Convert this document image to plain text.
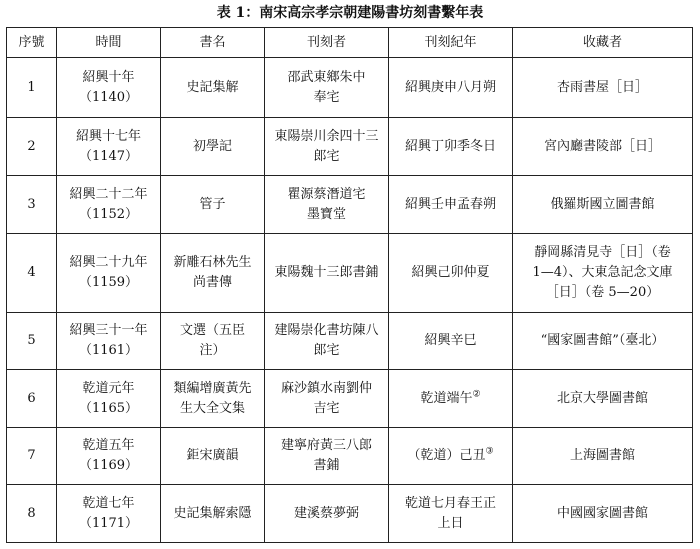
表 1：南宋高宗孝宗朝建陽書坊刻書繫年表
序號	時間	書名	刊刻者	刊刻紀年	收藏者
1	紹興十年
（1140）	史記集解	邵武東鄉朱中
奉宅	紹興庚申八月朔	杏雨書屋［日］

2	紹興十七年
（1147）	初學記	東陽崇川余四十三
郎宅	紹興丁卯季冬日	宮內廳書陵部［日］

3	紹興二十二年
（1152）	管子	瞿源蔡潛道宅
墨寶堂	紹興壬申孟春朔	俄羅斯國立圖書館

4	紹興二十九年
（1159）	新雕石林先生
尚書傳	東陽魏十三郎書鋪	紹興己卯仲夏	靜岡縣清見寺［日］（卷
1—4）、大東急記念文庫
［日］（卷 5—20）

5	紹興三十一年
（1161）	文選（五臣
注）	建陽崇化書坊陳八
郎宅	紹興辛巳	“國家圖書館”（臺北）

6	乾道元年
（1165）	類編增廣黃先
生大全文集	麻沙鎮水南劉仲
吉宅	乾道端午②	北京大學圖書館

7	乾道五年
（1169）	鉅宋廣韻	建寧府黃三八郎
書鋪	（乾道）己丑③	上海圖書館

8	乾道七年
（1171）	史記集解索隱	建溪蔡夢弼	乾道七月春王正
上日	中國國家圖書館
